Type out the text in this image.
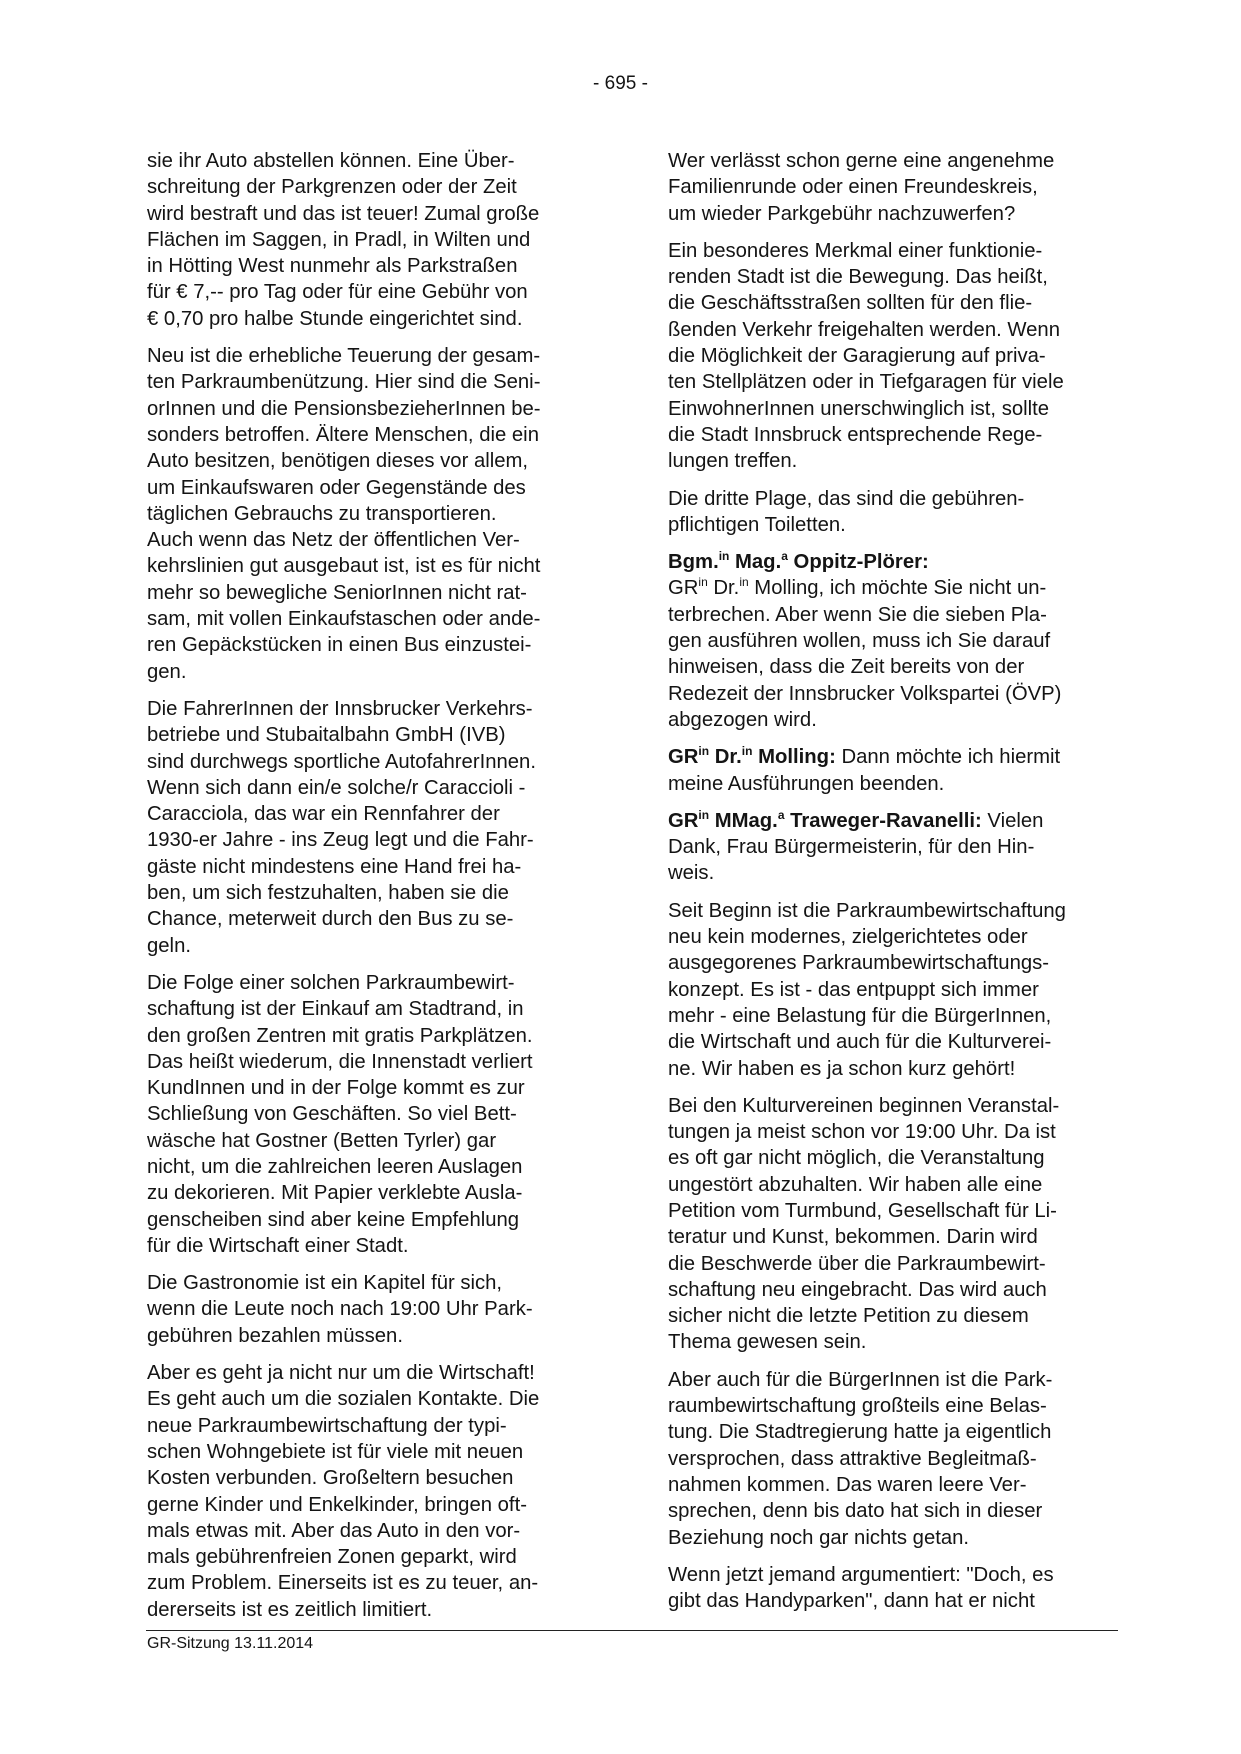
- 695 -

sie ihr Auto abstellen können. Eine Über-
schreitung der Parkgrenzen oder der Zeit
wird bestraft und das ist teuer! Zumal große
Flächen im Saggen, in Pradl, in Wilten und
in Hötting West nunmehr als Parkstraßen
für € 7,-- pro Tag oder für eine Gebühr von
€ 0,70 pro halbe Stunde eingerichtet sind.

Neu ist die erhebliche Teuerung der gesam-
ten Parkraumbenützung. Hier sind die Seni-
orInnen und die PensionsbezieherInnen be-
sonders betroffen. Ältere Menschen, die ein
Auto besitzen, benötigen dieses vor allem,
um Einkaufswaren oder Gegenstände des
täglichen Gebrauchs zu transportieren.
Auch wenn das Netz der öffentlichen Ver-
kehrslinien gut ausgebaut ist, ist es für nicht
mehr so bewegliche SeniorInnen nicht rat-
sam, mit vollen Einkaufstaschen oder ande-
ren Gepäckstücken in einen Bus einzustei-
gen.

Die FahrerInnen der Innsbrucker Verkehrs-
betriebe und Stubaitalbahn GmbH (IVB)
sind durchwegs sportliche AutofahrerInnen.
Wenn sich dann ein/e solche/r Caraccioli -
Caracciola, das war ein Rennfahrer der
1930-er Jahre - ins Zeug legt und die Fahr-
gäste nicht mindestens eine Hand frei ha-
ben, um sich festzuhalten, haben sie die
Chance, meterweit durch den Bus zu se-
geln.

Die Folge einer solchen Parkraumbewirt-
schaftung ist der Einkauf am Stadtrand, in
den großen Zentren mit gratis Parkplätzen.
Das heißt wiederum, die Innenstadt verliert
KundInnen und in der Folge kommt es zur
Schließung von Geschäften. So viel Bett-
wäsche hat Gostner (Betten Tyrler) gar
nicht, um die zahlreichen leeren Auslagen
zu dekorieren. Mit Papier verklebte Ausla-
genscheiben sind aber keine Empfehlung
für die Wirtschaft einer Stadt.

Die Gastronomie ist ein Kapitel für sich,
wenn die Leute noch nach 19:00 Uhr Park-
gebühren bezahlen müssen.

Aber es geht ja nicht nur um die Wirtschaft!
Es geht auch um die sozialen Kontakte. Die
neue Parkraumbewirtschaftung der typi-
schen Wohngebiete ist für viele mit neuen
Kosten verbunden. Großeltern besuchen
gerne Kinder und Enkelkinder, bringen oft-
mals etwas mit. Aber das Auto in den vor-
mals gebührenfreien Zonen geparkt, wird
zum Problem. Einerseits ist es zu teuer, an-
dererseits ist es zeitlich limitiert.

Wer verlässt schon gerne eine angenehme
Familienrunde oder einen Freundeskreis,
um wieder Parkgebühr nachzuwerfen?

Ein besonderes Merkmal einer funktionie-
renden Stadt ist die Bewegung. Das heißt,
die Geschäftsstraßen sollten für den flie-
ßenden Verkehr freigehalten werden. Wenn
die Möglichkeit der Garagierung auf priva-
ten Stellplätzen oder in Tiefgaragen für viele
EinwohnerInnen unerschwinglich ist, sollte
die Stadt Innsbruck entsprechende Rege-
lungen treffen.

Die dritte Plage, das sind die gebühren-
pflichtigen Toiletten.

Bgm.$^{in}$ Mag.$^a$ Oppitz-Plörer:
$GR^{in}$ Dr.$^{in}$ Molling, ich möchte Sie nicht un-
terbrechen. Aber wenn Sie die sieben Pla-
gen ausführen wollen, muss ich Sie darauf
hinweisen, dass die Zeit bereits von der
Redezeit der Innsbrucker Volkspartei (ÖVP)
abgezogen wird.

$GR^{in}$ Dr.$^{in}$ Molling: Dann möchte ich hiermit
meine Ausführungen beenden.

$GR^{in}$ MMag.$^a$ Traweger-Ravanelli: Vielen
Dank, Frau Bürgermeisterin, für den Hin-
weis.

Seit Beginn ist die Parkraumbewirtschaftung
neu kein modernes, zielgerichtetes oder
ausgegorenes Parkraumbewirtschaftungs-
konzept. Es ist - das entpuppt sich immer
mehr - eine Belastung für die BürgerInnen,
die Wirtschaft und auch für die Kulturverei-
ne. Wir haben es ja schon kurz gehört!

Bei den Kulturvereinen beginnen Veranstal-
tungen ja meist schon vor 19:00 Uhr. Da ist
es oft gar nicht möglich, die Veranstaltung
ungestört abzuhalten. Wir haben alle eine
Petition vom Turmbund, Gesellschaft für Li-
teratur und Kunst, bekommen. Darin wird
die Beschwerde über die Parkraumbewirt-
schaftung neu eingebracht. Das wird auch
sicher nicht die letzte Petition zu diesem
Thema gewesen sein.

Aber auch für die BürgerInnen ist die Park-
raumbewirtschaftung großteils eine Belas-
tung. Die Stadtregierung hatte ja eigentlich
versprochen, dass attraktive Begleitmaß-
nahmen kommen. Das waren leere Ver-
sprechen, denn bis dato hat sich in dieser
Beziehung noch gar nichts getan.

Wenn jetzt jemand argumentiert: "Doch, es
gibt das Handyparken", dann hat er nicht

GR-Sitzung 13.11.2014
